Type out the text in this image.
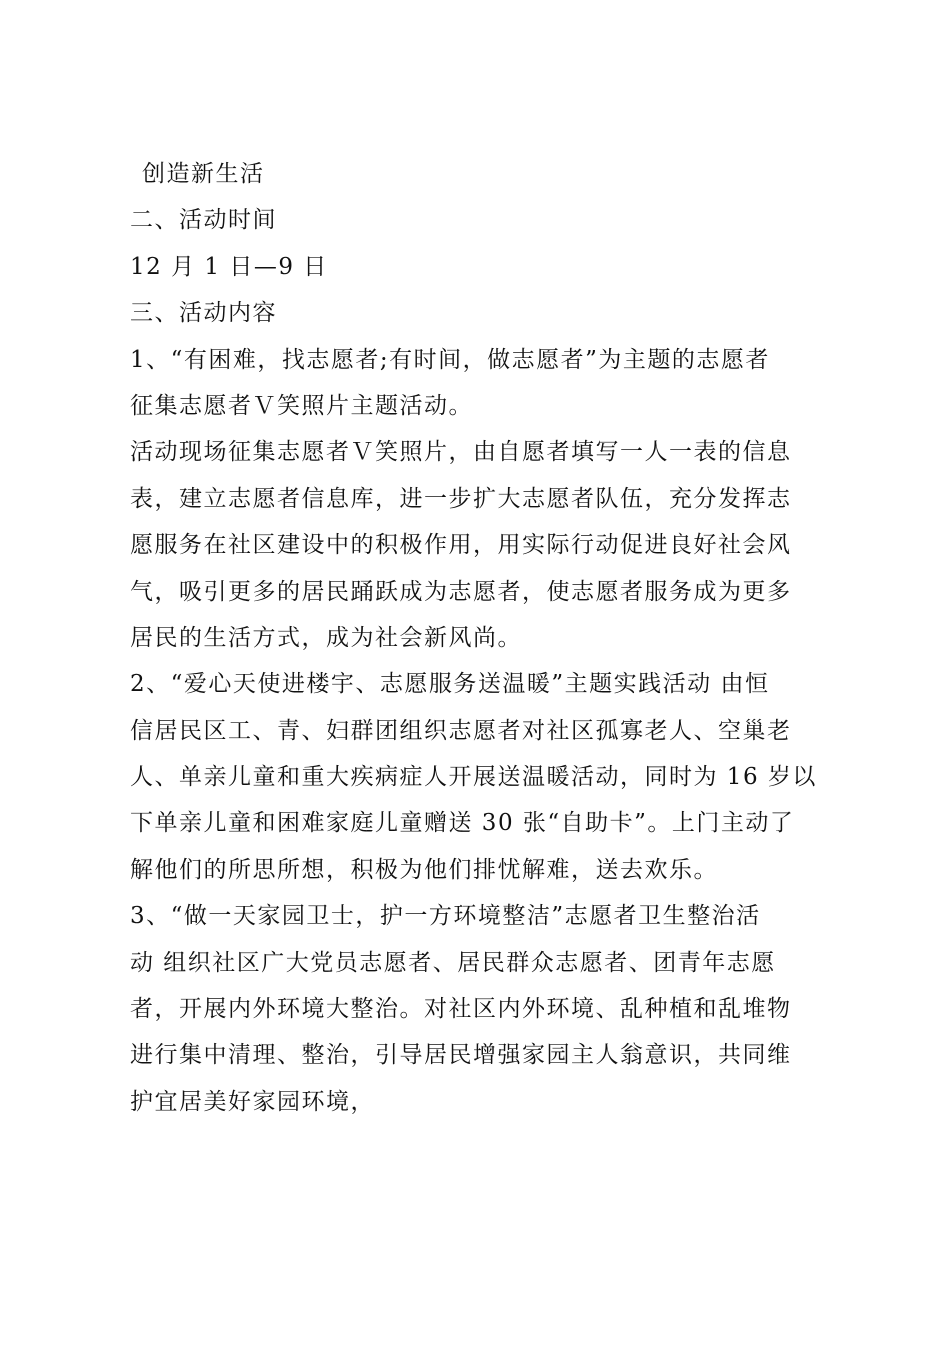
创造新生活
二、活动时间
12 月 1 日—9 日
三、活动内容
1、“有困难，找志愿者;有时间，做志愿者”为主题的志愿者
征集志愿者Ｖ笑照片主题活动。
活动现场征集志愿者Ｖ笑照片，由自愿者填写一人一表的信息
表，建立志愿者信息库，进一步扩大志愿者队伍，充分发挥志
愿服务在社区建设中的积极作用，用实际行动促进良好社会风
气，吸引更多的居民踊跃成为志愿者，使志愿者服务成为更多
居民的生活方式，成为社会新风尚。
2、“爱心天使进楼宇、志愿服务送温暖”主题实践活动 由恒
信居民区工、青、妇群团组织志愿者对社区孤寡老人、空巢老
人、单亲儿童和重大疾病症人开展送温暖活动，同时为 16 岁以
下单亲儿童和困难家庭儿童赠送 30 张“自助卡”。上门主动了
解他们的所思所想，积极为他们排忧解难，送去欢乐。
3、“做一天家园卫士，护一方环境整洁”志愿者卫生整治活
动 组织社区广大党员志愿者、居民群众志愿者、团青年志愿
者，开展内外环境大整治。对社区内外环境、乱种植和乱堆物
进行集中清理、整治，引导居民增强家园主人翁意识，共同维
护宜居美好家园环境，
